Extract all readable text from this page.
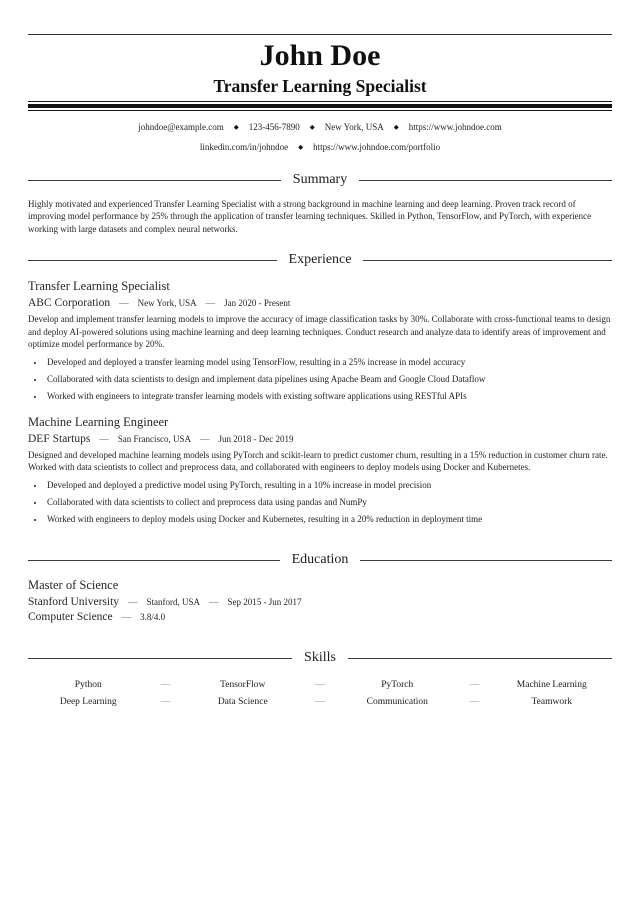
John Doe
Transfer Learning Specialist
johndoe@example.com ◆ 123-456-7890 ◆ New York, USA ◆ https://www.johndoe.com
linkedin.com/in/johndoe ◆ https://www.johndoe.com/portfolio
Summary

Highly motivated and experienced Transfer Learning Specialist with a strong background in machine learning and deep learning. Proven track record of improving model performance by 25% through the application of transfer learning techniques. Skilled in Python, TensorFlow, and PyTorch, with experience working with large datasets and complex neural networks.

Experience
Transfer Learning Specialist
ABC Corporation — New York, USA — Jan 2020 - Present

Develop and implement transfer learning models to improve the accuracy of image classification tasks by 30%. Collaborate with cross-functional teams to design and deploy AI-powered solutions using machine learning and deep learning techniques. Conduct research and analyze data to identify areas of improvement and optimize model performance by 20%.

• Developed and deployed a transfer learning model using TensorFlow, resulting in a 25% increase in model accuracy
• Collaborated with data scientists to design and implement data pipelines using Apache Beam and Google Cloud Dataflow
• Worked with engineers to integrate transfer learning models with existing software applications using RESTful APIs
Machine Learning Engineer
DEF Startups — San Francisco, USA — Jun 2018 - Dec 2019

Designed and developed machine learning models using PyTorch and scikit-learn to predict customer churn, resulting in a 15% reduction in customer churn rate. Worked with data scientists to collect and preprocess data, and collaborated with engineers to deploy models using Docker and Kubernetes.

• Developed and deployed a predictive model using PyTorch, resulting in a 10% increase in model precision
• Collaborated with data scientists to collect and preprocess data using pandas and NumPy
• Worked with engineers to deploy models using Docker and Kubernetes, resulting in a 20% reduction in deployment time
Education
Master of Science
Stanford University — Stanford, USA — Sep 2015 - Jun 2017
Computer Science — 3.8/4.0
Skills
Python	—	TensorFlow	—	PyTorch	—	Machine Learning
Deep Learning	—	Data Science	—	Communication	—	Teamwork
